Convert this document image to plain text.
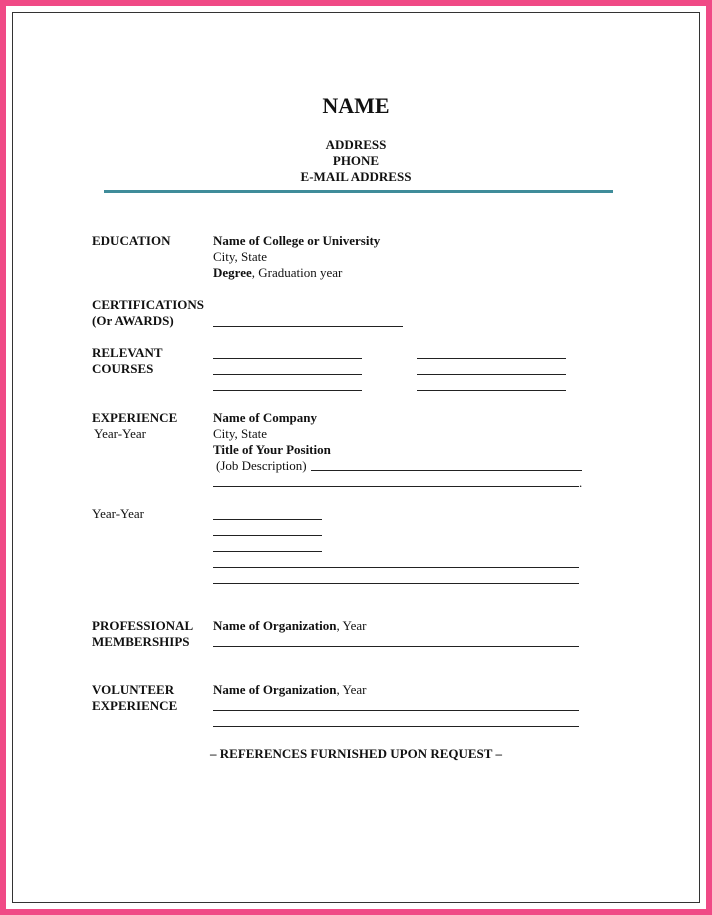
NAME
ADDRESS
PHONE
E-MAIL ADDRESS
EDUCATION	Name of College or University
City, State
Degree, Graduation year
CERTIFICATIONS
(Or AWARDS)
RELEVANT
COURSES
EXPERIENCE
Year-Year
Name of Company
City, State
Title of Your Position
(Job Description)
.
Year-Year
PROFESSIONAL
MEMBERSHIPS
Name of Organization, Year
VOLUNTEER
EXPERIENCE
Name of Organization, Year
– REFERENCES FURNISHED UPON REQUEST –
